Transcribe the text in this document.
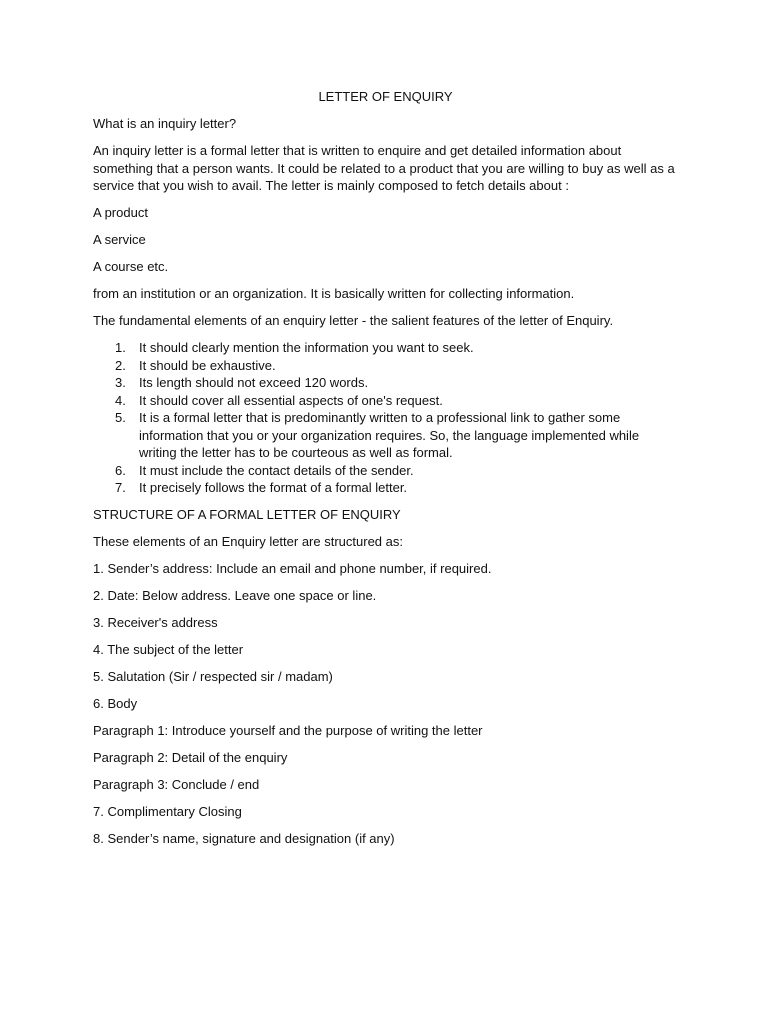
LETTER OF ENQUIRY

What is an inquiry letter?

An inquiry letter is a formal letter that is written to enquire and get detailed information about something that a person wants. It could be related to a product that you are willing to buy as well as a service that you wish to avail. The letter is mainly composed to fetch details about :

A product

A service

A course etc.

from an institution or an organization. It is basically written for collecting information.

The fundamental elements of an enquiry letter - the salient features of the letter of Enquiry.

1. It should clearly mention the information you want to seek.
2. It should be exhaustive.
3. Its length should not exceed 120 words.
4. It should cover all essential aspects of one's request.
5. It is a formal letter that is predominantly written to a professional link to gather some information that you or your organization requires. So, the language implemented while writing the letter has to be courteous as well as formal.
6. It must include the contact details of the sender.
7. It precisely follows the format of a formal letter.

STRUCTURE OF A FORMAL LETTER OF ENQUIRY

These elements of an Enquiry letter are structured as:

1. Sender’s address: Include an email and phone number, if required.

2. Date: Below address. Leave one space or line.

3. Receiver's address

4. The subject of the letter

5. Salutation (Sir / respected sir / madam)

6. Body

Paragraph 1: Introduce yourself and the purpose of writing the letter

Paragraph 2: Detail of the enquiry

Paragraph 3: Conclude / end

7. Complimentary Closing

8. Sender’s name, signature and designation (if any)
